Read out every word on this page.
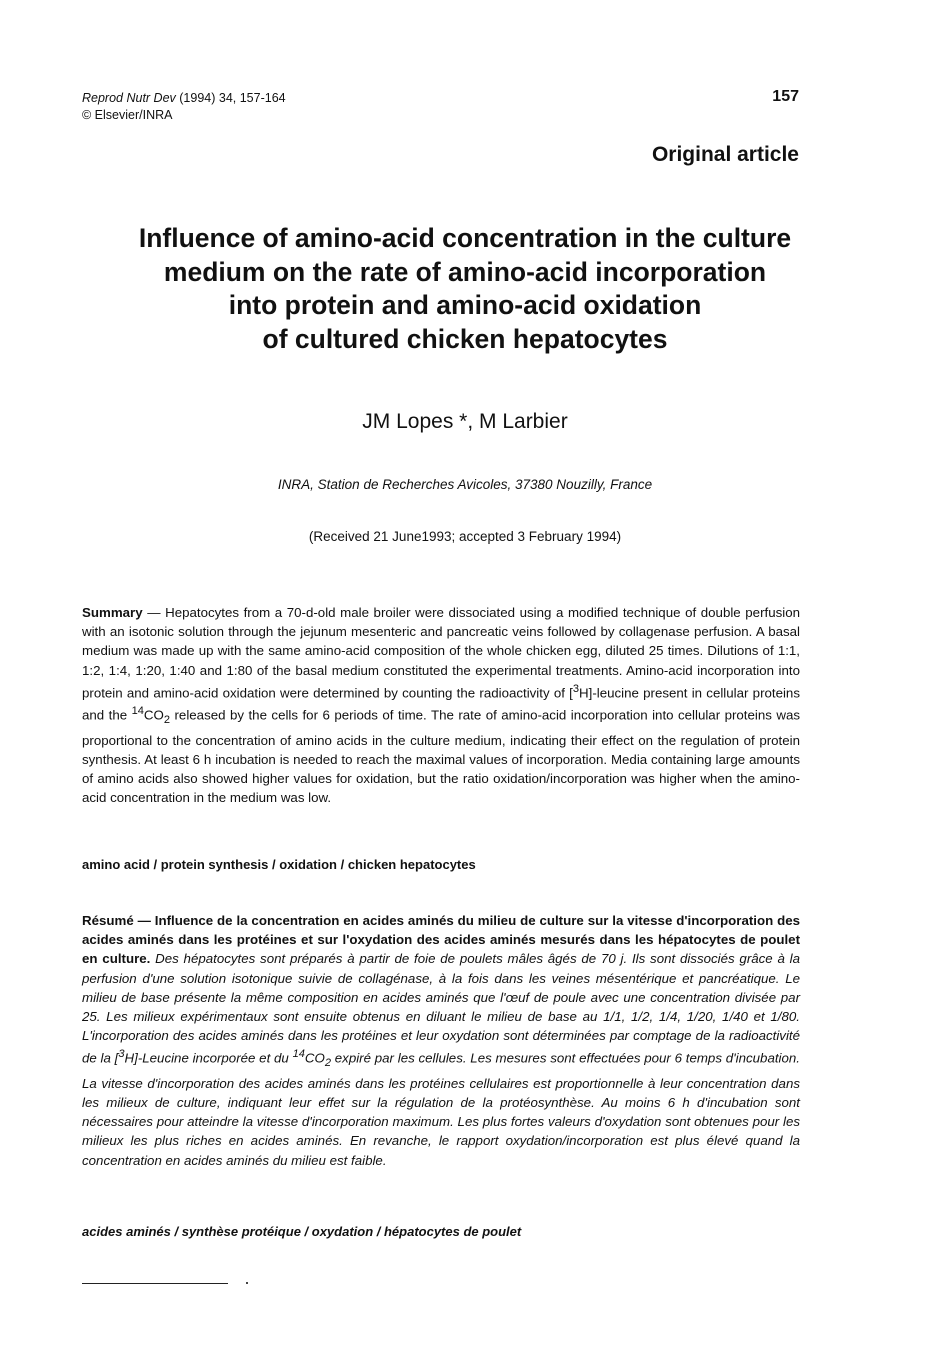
Reprod Nutr Dev (1994) 34, 157-164
© Elsevier/INRA
157
Original article
Influence of amino-acid concentration in the culture
medium on the rate of amino-acid incorporation
into protein and amino-acid oxidation
of cultured chicken hepatocytes
JM Lopes *, M Larbier
INRA, Station de Recherches Avicoles, 37380 Nouzilly, France
(Received 21 June1993; accepted 3 February 1994)
Summary — Hepatocytes from a 70-d-old male broiler were dissociated using a modified technique of double perfusion with an isotonic solution through the jejunum mesenteric and pancreatic veins followed by collagenase perfusion. A basal medium was made up with the same amino-acid composition of the whole chicken egg, diluted 25 times. Dilutions of 1:1, 1:2, 1:4, 1:20, 1:40 and 1:80 of the basal medium constituted the experimental treatments. Amino-acid incorporation into protein and amino-acid oxidation were determined by counting the radioactivity of [$^3$H]-leucine present in cellular proteins and the $^{14}CO_2$ released by the cells for 6 periods of time. The rate of amino-acid incorporation into cellular proteins was proportional to the concentration of amino acids in the culture medium, indicating their effect on the regulation of protein synthesis. At least 6 h incubation is needed to reach the maximal values of incorporation. Media containing large amounts of amino acids also showed higher values for oxidation, but the ratio oxidation/incorporation was higher when the amino-acid concentration in the medium was low.
amino acid / protein synthesis / oxidation / chicken hepatocytes
Résumé — Influence de la concentration en acides aminés du milieu de culture sur la vitesse d'incorporation des acides aminés dans les protéines et sur l'oxydation des acides aminés mesurés dans les hépatocytes de poulet en culture. Des hépatocytes sont préparés à partir de foie de poulets mâles âgés de 70 j. Ils sont dissociés grâce à la perfusion d'une solution isotonique suivie de collagénase, à la fois dans les veines mésentérique et pancréatique. Le milieu de base présente la même composition en acides aminés que l'œuf de poule avec une concentration divisée par 25. Les milieux expérimentaux sont ensuite obtenus en diluant le milieu de base au 1/1, 1/2, 1/4, 1/20, 1/40 et 1/80. L'incorporation des acides aminés dans les protéines et leur oxydation sont déterminées par comptage de la radioactivité de la [$^3$H]-Leucine incorporée et du $^{14}CO_2$ expiré par les cellules. Les mesures sont effectuées pour 6 temps d'incubation. La vitesse d'incorporation des acides aminés dans les protéines cellulaires est proportionnelle à leur concentration dans les milieux de culture, indiquant leur effet sur la régulation de la protéosynthèse. Au moins 6 h d'incubation sont nécessaires pour atteindre la vitesse d'incorporation maximum. Les plus fortes valeurs d'oxydation sont obtenues pour les milieux les plus riches en acides aminés. En revanche, le rapport oxydation/incorporation est plus élevé quand la concentration en acides aminés du milieu est faible.
acides aminés / synthèse protéique / oxydation / hépatocytes de poulet
